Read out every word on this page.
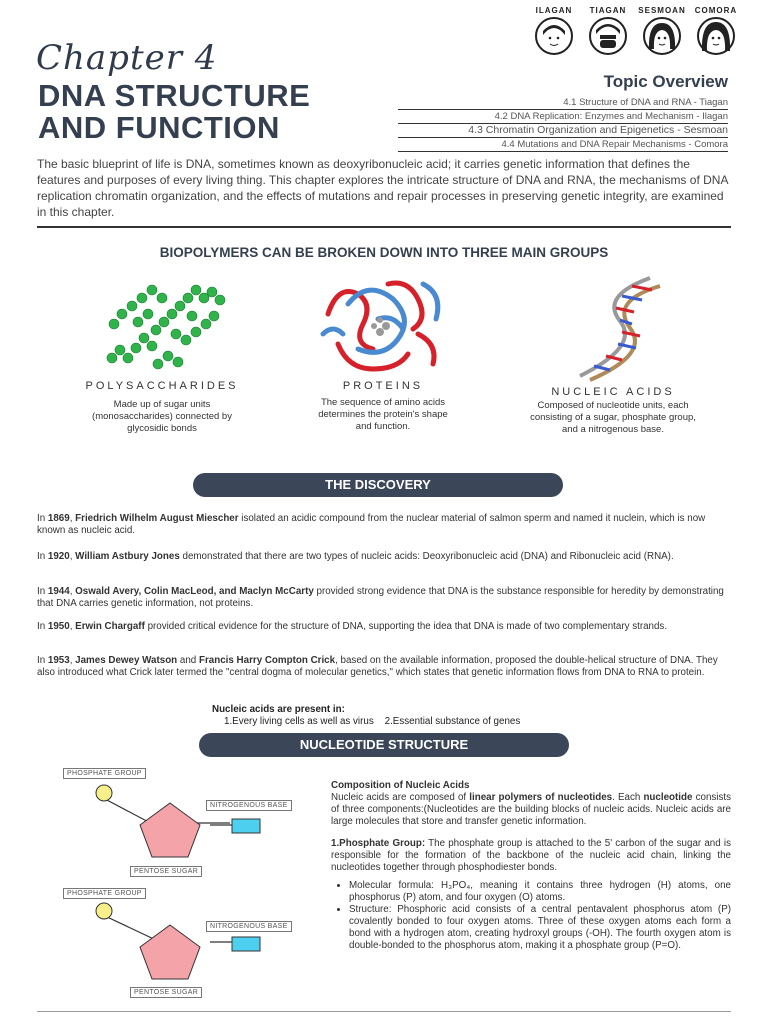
Chapter 4
DNA STRUCTURE
AND FUNCTION
ILAGAN	TIAGAN	SESMOAN	COMORA
Topic Overview
4.1 Structure of DNA and RNA - Tiagan
4.2 DNA Replication: Enzymes and Mechanism - Ilagan
4.3 Chromatin Organization and Epigenetics - Sesmoan
4.4 Mutations and DNA Repair Mechanisms - Comora
The basic blueprint of life is DNA, sometimes known as deoxyribonucleic acid; it carries genetic information that defines the features and purposes of every living thing. This chapter explores the intricate structure of DNA and RNA, the mechanisms of DNA replication chromatin organization, and the effects of mutations and repair processes in preserving genetic integrity, are examined in this chapter.
BIOPOLYMERS CAN BE BROKEN DOWN INTO THREE MAIN GROUPS
POLYSACCHARIDES
Made up of sugar units (monosaccharides) connected by glycosidic bonds
PROTEINS
The sequence of amino acids determines the protein's shape and function.
NUCLEIC ACIDS
Composed of nucleotide units, each consisting of a sugar, phosphate group, and a nitrogenous base.
THE DISCOVERY
In 1869, Friedrich Wilhelm August Miescher isolated an acidic compound from the nuclear material of salmon sperm and named it nuclein, which is now known as nucleic acid.
In 1920, William Astbury Jones demonstrated that there are two types of nucleic acids: Deoxyribonucleic acid (DNA) and Ribonucleic acid (RNA).
In 1944, Oswald Avery, Colin MacLeod, and Maclyn McCarty provided strong evidence that DNA is the substance responsible for heredity by demonstrating that DNA carries genetic information, not proteins.
In 1950, Erwin Chargaff provided critical evidence for the structure of DNA, supporting the idea that DNA is made of two complementary strands.
In 1953, James Dewey Watson and Francis Harry Compton Crick, based on the available information, proposed the double-helical structure of DNA. They also introduced what Crick later termed the "central dogma of molecular genetics," which states that genetic information flows from DNA to RNA to protein.
Nucleic acids are present in:
1.Every living cells as well as virus 2.Essential substance of genes
NUCLEOTIDE STRUCTURE
PHOSPHATE GROUP
NITROGENOUS BASE
PENTOSE SUGAR
PHOSPHATE GROUP
NITROGENOUS BASE
PENTOSE SUGAR

Composition of Nucleic Acids

Nucleic acids are composed of linear polymers of nucleotides. Each nucleotide consists of three components:(Nucleotides are the building blocks of nucleic acids. Nucleic acids are large molecules that store and transfer genetic information.

1.Phosphate Group: The phosphate group is attached to the 5' carbon of the sugar and is responsible for the formation of the backbone of the nucleic acid chain, linking the nucleotides together through phosphodiester bonds.

• Molecular formula: H₃PO₄, meaning it contains three hydrogen (H) atoms, one phosphorus (P) atom, and four oxygen (O) atoms.
• Structure: Phosphoric acid consists of a central pentavalent phosphorus atom (P) covalently bonded to four oxygen atoms. Three of these oxygen atoms each form a bond with a hydrogen atom, creating hydroxyl groups (-OH). The fourth oxygen atom is double-bonded to the phosphorus atom, making it a phosphate group (P=O).
